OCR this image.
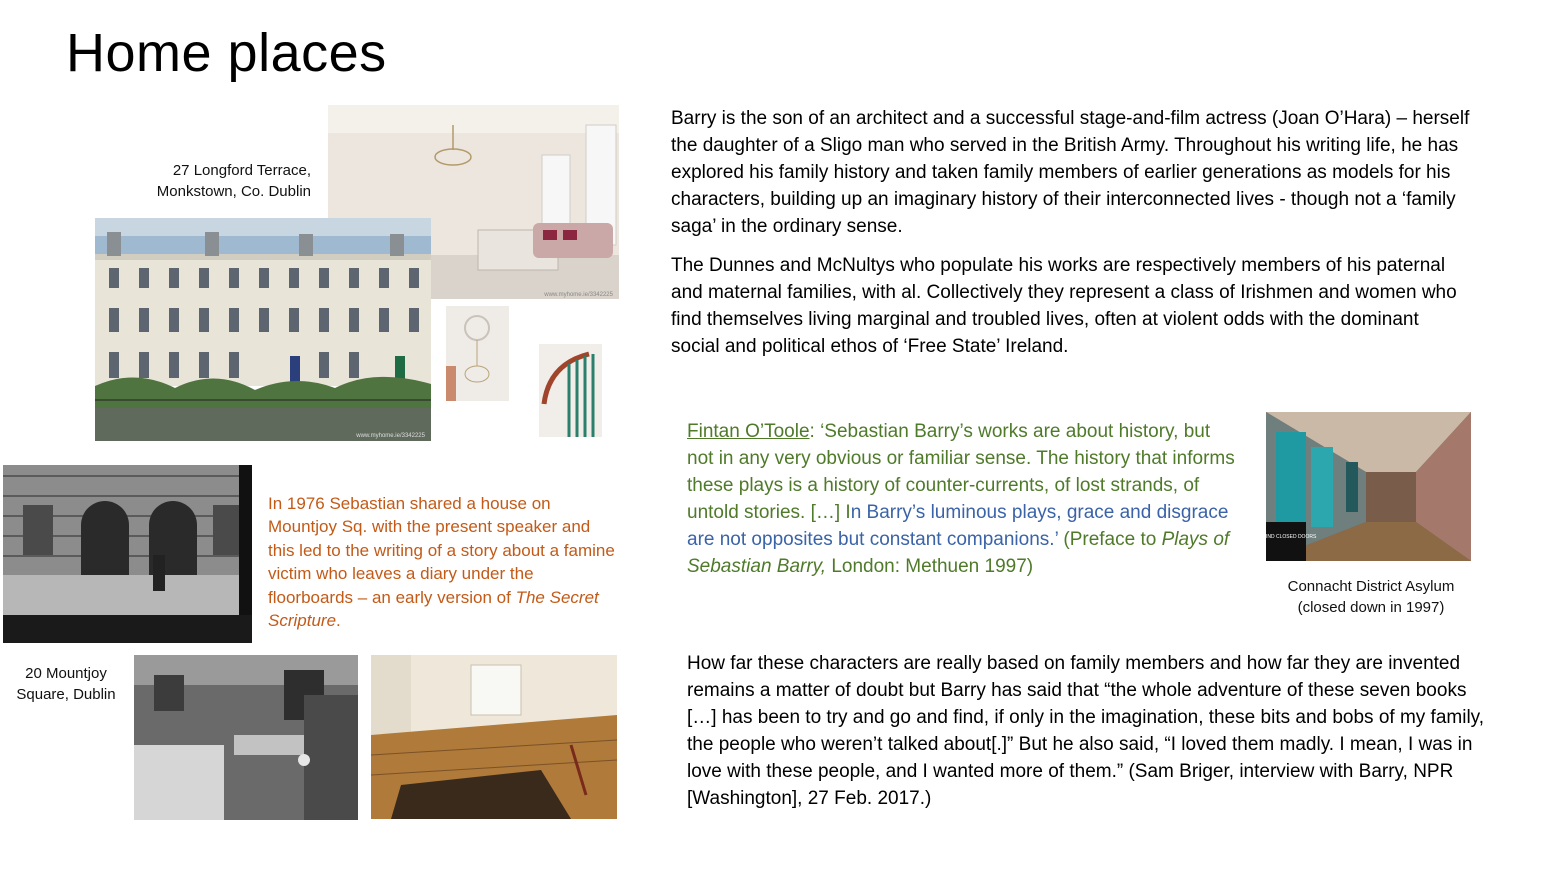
Home places
www.myhome.ie/3342225
27 Longford Terrace, Monkstown, Co. Dublin
www.myhome.ie/3342225
In 1976 Sebastian shared a house on Mountjoy Sq. with the present speaker and this led to the writing of a story about a famine victim who leaves a diary under the floorboards – an early version of The Secret Scripture.
20 Mountjoy Square, Dublin

Barry is the son of an architect and a successful stage-and-film actress (Joan O’Hara) – herself the daughter of a Sligo man who served in the British Army. Throughout his writing life, he has explored his family history and taken family members of earlier generations as models for his characters, building up an imaginary history of their interconnected lives - though not a ‘family saga’ in the ordinary sense.

The Dunnes and McNultys who populate his works are respectively members of his paternal and maternal families, with al. Collectively they represent a class of Irishmen and women who find themselves living marginal and troubled lives, often at violent odds with the dominant social and political ethos of ‘Free State’ Ireland.

Fintan O’Toole: ‘Sebastian Barry’s works are about history, but not in any very obvious or familiar sense. The history that informs these plays is a history of counter-currents, of lost strands, of untold stories. […] In Barry’s luminous plays, grace and disgrace are not opposites but constant companions.’ (Preface to Plays of Sebastian Barry, London: Methuen 1997)
BEHIND CLOSED DOORS
Connacht District Asylum
(closed down in 1997)
How far these characters are really based on family members and how far they are invented remains a matter of doubt but Barry has said that “the whole adventure of these seven books […] has been to try and go and find, if only in the imagination, these bits and bobs of my family, the people who weren’t talked about[.]” But he also said, “I loved them madly. I mean, I was in love with these people, and I wanted more of them.” (Sam Briger, interview with Barry, NPR [Washington], 27 Feb. 2017.)
